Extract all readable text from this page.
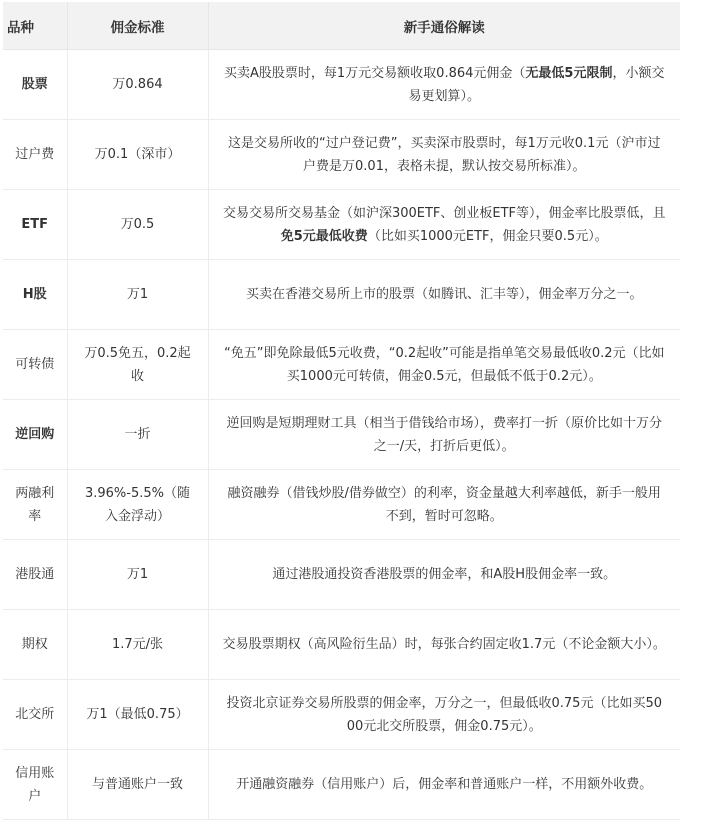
品种	佣金标准	新手通俗解读
股票	万0.864	买卖A股股票时，每1万元交易额收取0.864元佣金（无最低5元限制，小额交易更划算）。
过户费	万0.1（深市）	这是交易所收的“过户登记费”，买卖深市股票时，每1万元收0.1元（沪市过户费是万0.01，表格未提，默认按交易所标准）。
ETF	万0.5	交易交易所交易基金（如沪深300ETF、创业板ETF等），佣金率比股票低，且免5元最低收费（比如买1000元ETF，佣金只要0.5元）。
H股	万1	买卖在香港交易所上市的股票（如腾讯、汇丰等），佣金率万分之一。
可转债	万0.5免五，0.2起收	“免五”即免除最低5元收费，“0.2起收”可能是指单笔交易最低收0.2元（比如买1000元可转债，佣金0.5元，但最低不低于0.2元）。
逆回购	一折	逆回购是短期理财工具（相当于借钱给市场），费率打一折（原价比如十万分之一/天，打折后更低）。
两融利率	3.96%-5.5%（随入金浮动）	融资融券（借钱炒股/借券做空）的利率，资金量越大利率越低，新手一般用不到，暂时可忽略。
港股通	万1	通过港股通投资香港股票的佣金率，和A股H股佣金率一致。
期权	1.7元/张	交易股票期权（高风险衍生品）时，每张合约固定收1.7元（不论金额大小）。
北交所	万1（最低0.75）	投资北京证券交易所股票的佣金率，万分之一，但最低收0.75元（比如买5000元北交所股票，佣金0.75元）。
信用账户	与普通账户一致	开通融资融券（信用账户）后，佣金率和普通账户一样，不用额外收费。
